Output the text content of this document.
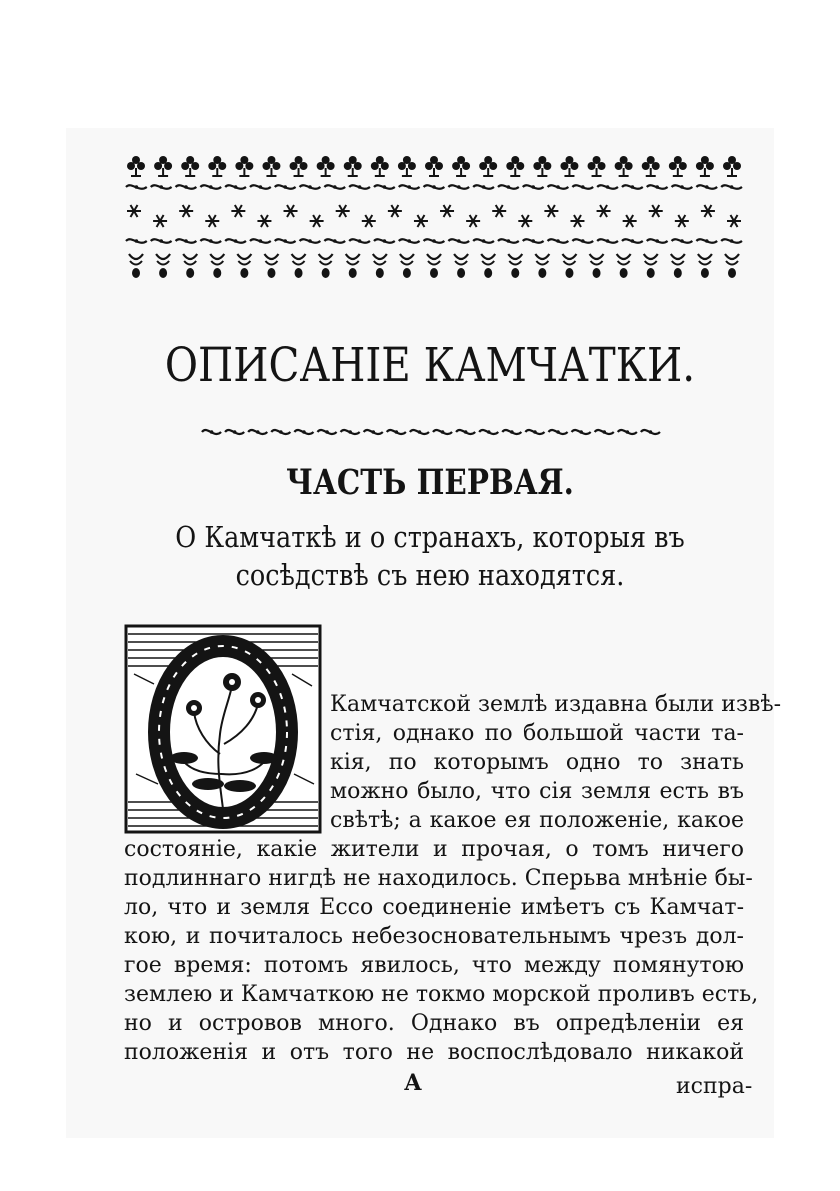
ОПИСАНІЕ КАМЧАТКИ.
ЧАСТЬ ПЕРВАЯ.

О Камчаткѣ и о странахъ, которыя въ

сосѣдствѣ съ нею находятся.

Камчатской землѣ издавна были извѣ-

стія, однако по большой части та-

кія, по которымъ одно то знать

можно было, что сія земля есть въ

свѣтѣ; а какое ея положеніе, какое

состояніе, какіе жители и прочая, о томъ ничего

подлиннаго нигдѣ не находилось. Сперьва мнѣніе бы-

ло, что и земля Ессо соединеніе имѣетъ съ Камчат-

кою, и почиталось небезосновательнымъ чрезъ дол-

гое время: потомъ явилось, что между помянутою

землею и Камчаткою не токмо морской проливъ есть,

но и островов много. Однако въ опредѣленіи ея

положенія и отъ того не воспослѣдовало никакой

А	испра-
